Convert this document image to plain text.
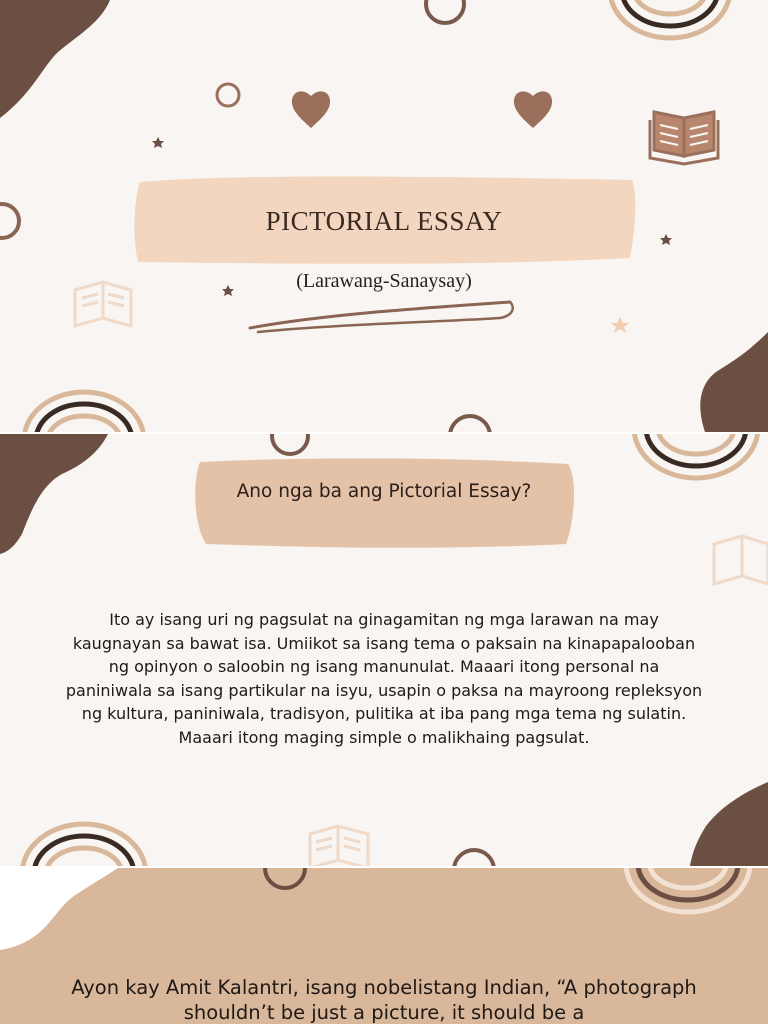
PICTORIAL ESSAY
(Larawang-Sanaysay)
Ano nga ba ang Pictorial Essay?
Ito ay isang uri ng pagsulat na ginagamitan ng mga larawan na may kaugnayan sa bawat isa. Umiikot sa isang tema o paksain na kinapapalooban ng opinyon o saloobin ng isang manunulat. Maaari itong personal na paniniwala sa isang partikular na isyu, usapin o paksa na mayroong repleksyon ng kultura, paniniwala, tradisyon, pulitika at iba pang mga tema ng sulatin. Maaari itong maging simple o malikhaing pagsulat.
Ayon kay Amit Kalantri, isang nobelistang Indian, “A photograph shouldn’t be just a picture, it should be a
